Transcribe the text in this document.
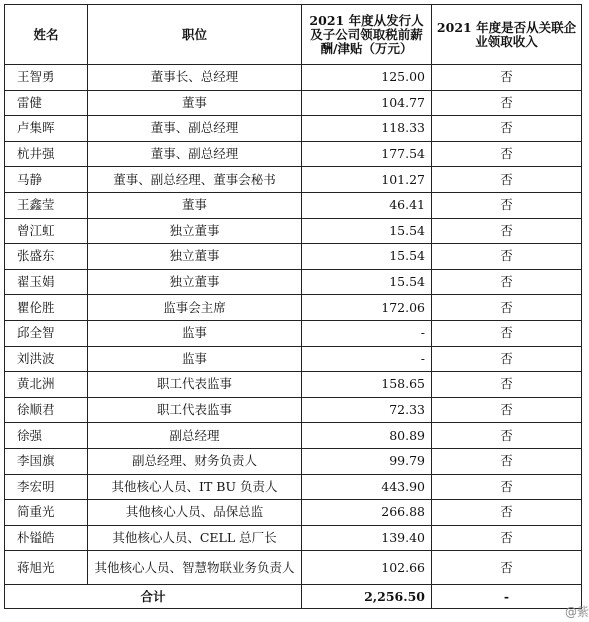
姓名	职位	2021 年度从发行人及子公司领取税前薪酬/津贴（万元）	2021 年度是否从关联企业领取收入
王智勇	董事长、总经理	125.00	否
雷健	董事	104.77	否
卢集晖	董事、副总经理	118.33	否
杭井强	董事、副总经理	177.54	否
马静	董事、副总经理、董事会秘书	101.27	否
王鑫莹	董事	46.41	否
曾江虹	独立董事	15.54	否
张盛东	独立董事	15.54	否
翟玉娟	独立董事	15.54	否
瞿伦胜	监事会主席	172.06	否
邱全智	监事	-	否
刘洪波	监事	-	否
黄北洲	职工代表监事	158.65	否
徐顺君	职工代表监事	72.33	否
徐强	副总经理	80.89	否
李国旗	副总经理、财务负责人	99.79	否
李宏明	其他核心人员、IT BU 负责人	443.90	否
简重光	其他核心人员、品保总监	266.88	否
朴镒皓	其他核心人员、CELL 总厂长	139.40	否
蒋旭光	其他核心人员、智慧物联业务负责人	102.66	否
合计		2,256.50	-
@紫
